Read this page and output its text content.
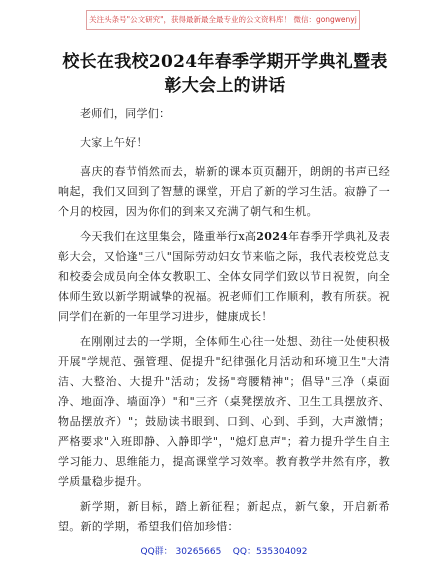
关注头条号"公文研究"，获得最新最全最专业的公文资料库！ 微信：gongwenyj
校长在我校2024年春季学期开学典礼暨表彰大会上的讲话

老师们，同学们：

大家上午好！

喜庆的春节悄然而去，崭新的课本页页翻开，朗朗的书声已经响起，我们又回到了智慧的课堂，开启了新的学习生活。寂静了一个月的校园，因为你们的到来又充满了朝气和生机。

今天我们在这里集会，隆重举行x高2024年春季开学典礼及表彰大会，又恰逢"三八"国际劳动妇女节来临之际，我代表校党总支和校委会成员向全体女教职工、全体女同学们致以节日祝贺，向全体师生致以新学期诚挚的祝福。祝老师们工作顺利，教有所获。祝同学们在新的一年里学习进步，健康成长！

在刚刚过去的一学期，全体师生心往一处想、劲往一处使积极开展"学规范、强管理、促提升"纪律强化月活动和环境卫生"大清洁、大整治、大提升"活动；发扬"弯腰精神"；倡导"三净（桌面净、地面净、墙面净）"和"三齐（桌凳摆放齐、卫生工具摆放齐、物品摆放齐）"；鼓励读书眼到、口到、心到、手到，大声激情；严格要求"入班即静、入静即学"，"熄灯息声"；着力提升学生自主学习能力、思维能力，提高课堂学习效率。教育教学井然有序，教学质量稳步提升。

新学期，新目标，踏上新征程；新起点，新气象，开启新希望。新的学期，希望我们倍加珍惜：

QQ群： 30265665    QQ：535304092
